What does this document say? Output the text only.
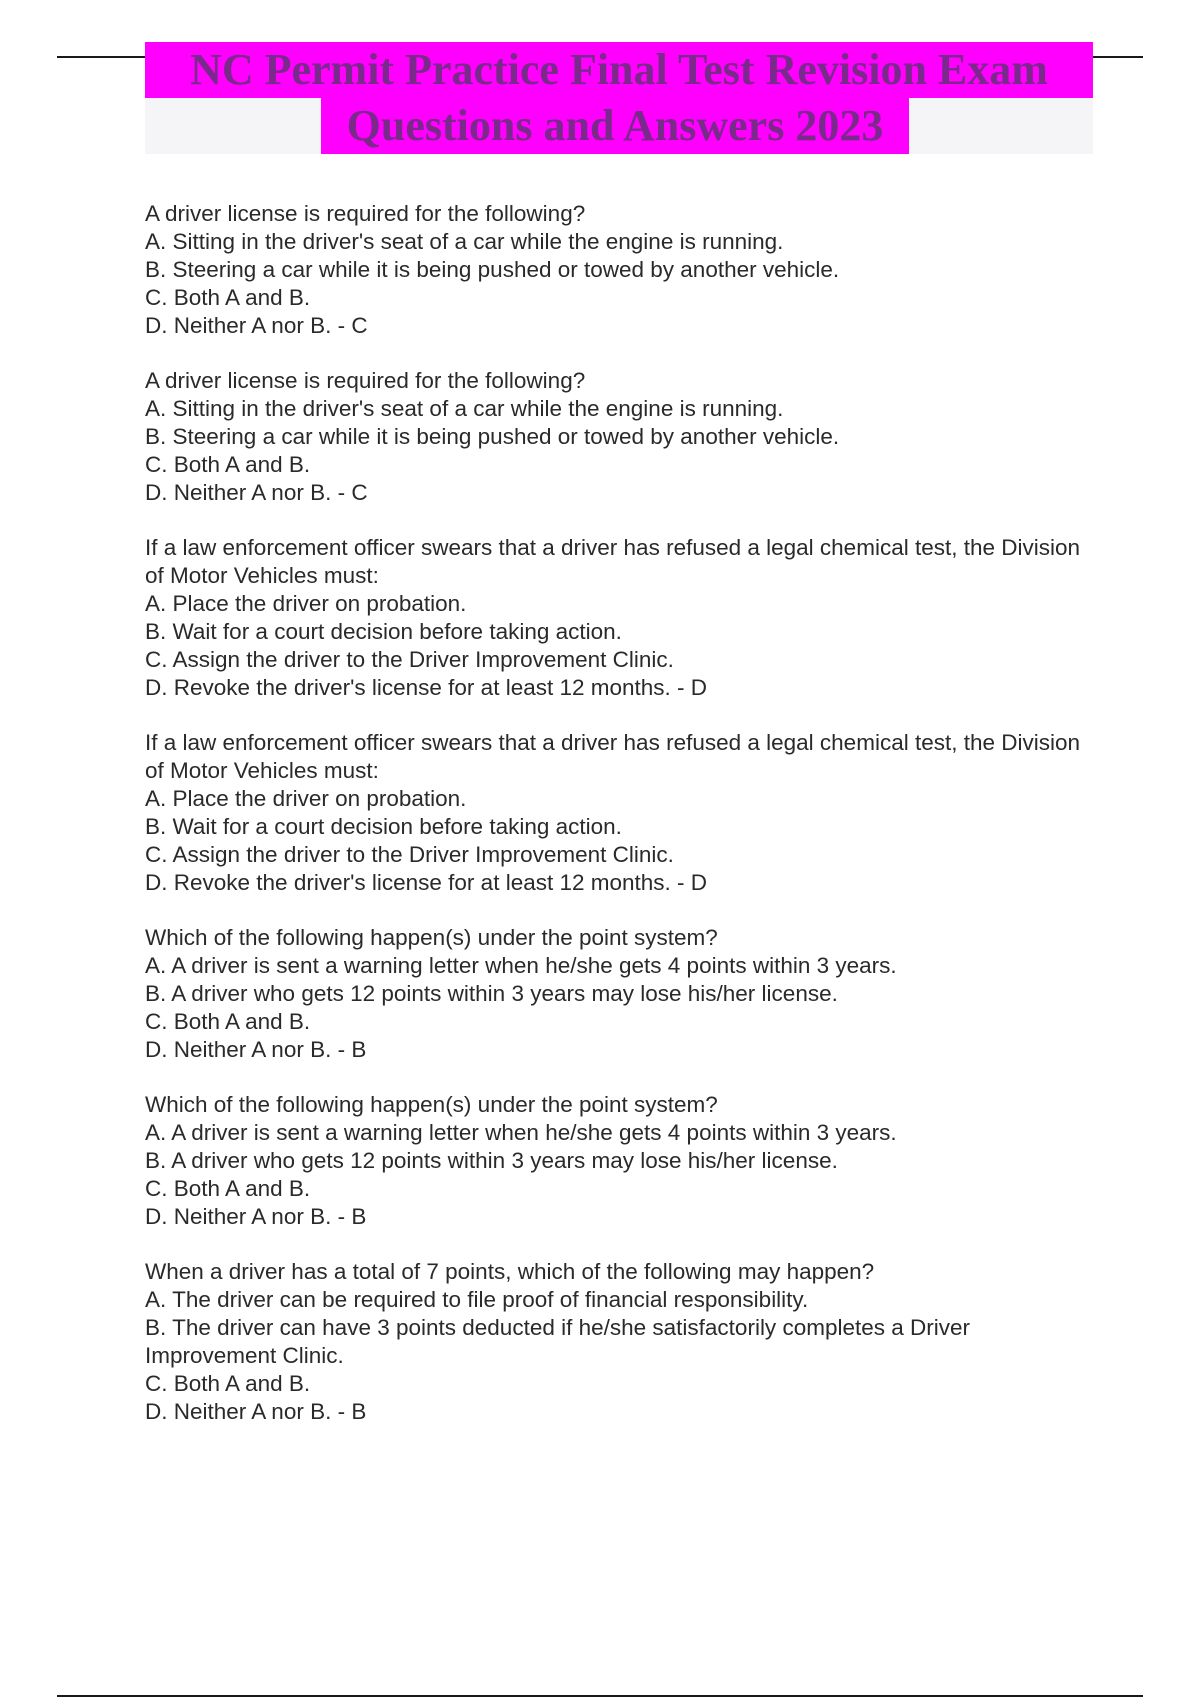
NC Permit Practice Final Test Revision Exam
Questions and Answers 2023
A driver license is required for the following?
A. Sitting in the driver's seat of a car while the engine is running.
B. Steering a car while it is being pushed or towed by another vehicle.
C. Both A and B.
D. Neither A nor B. - C
A driver license is required for the following?
A. Sitting in the driver's seat of a car while the engine is running.
B. Steering a car while it is being pushed or towed by another vehicle.
C. Both A and B.
D. Neither A nor B. - C
If a law enforcement officer swears that a driver has refused a legal chemical test, the Division of Motor Vehicles must:
A. Place the driver on probation.
B. Wait for a court decision before taking action.
C. Assign the driver to the Driver Improvement Clinic.
D. Revoke the driver's license for at least 12 months. - D
If a law enforcement officer swears that a driver has refused a legal chemical test, the Division of Motor Vehicles must:
A. Place the driver on probation.
B. Wait for a court decision before taking action.
C. Assign the driver to the Driver Improvement Clinic.
D. Revoke the driver's license for at least 12 months. - D
Which of the following happen(s) under the point system?
A. A driver is sent a warning letter when he/she gets 4 points within 3 years.
B. A driver who gets 12 points within 3 years may lose his/her license.
C. Both A and B.
D. Neither A nor B. - B
Which of the following happen(s) under the point system?
A. A driver is sent a warning letter when he/she gets 4 points within 3 years.
B. A driver who gets 12 points within 3 years may lose his/her license.
C. Both A and B.
D. Neither A nor B. - B
When a driver has a total of 7 points, which of the following may happen?
A. The driver can be required to file proof of financial responsibility.
B. The driver can have 3 points deducted if he/she satisfactorily completes a Driver Improvement Clinic.
C. Both A and B.
D. Neither A nor B. - B
